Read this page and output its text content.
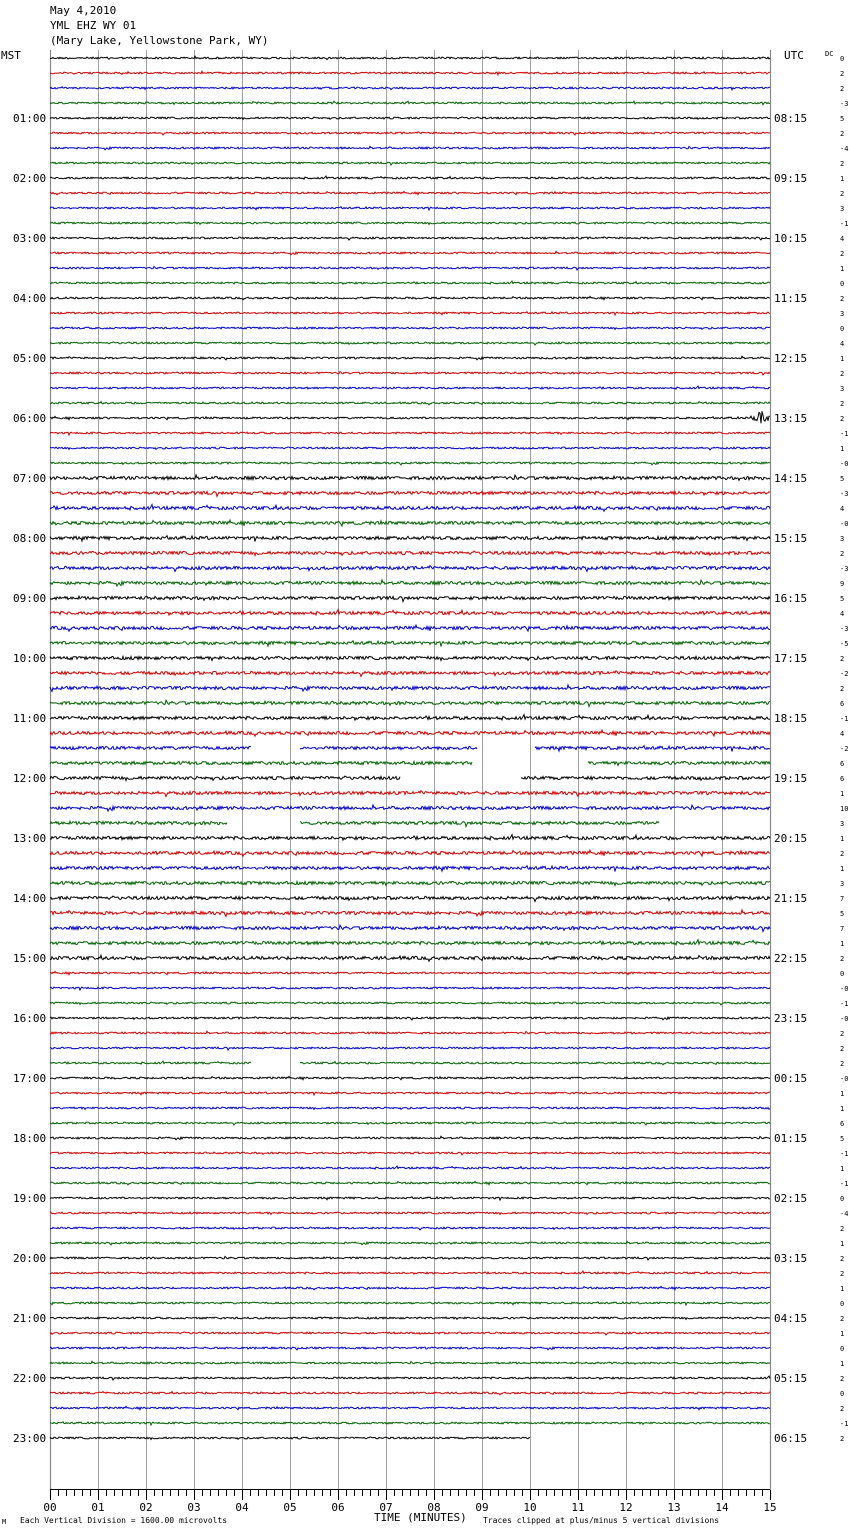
May 4,2010
YML EHZ WY 01
(Mary Lake, Yellowstone Park, WY)
MST	UTC	DC
00	01	02	03	04	05	06	07	08	09	10	11	12	13	14	15
0
2
2
-3
5
2
-4
2
1
2
3
-1
4
2
1
0
2
3
0
4
1
2
3
2
2
-1
1
-0
5
-3
4
-0
3
2
-3
9
5
4
-3
-5
2
-2
2
6
-1
4
-2
6
6
1
10
3
1
2
1
3
7
5
7
1
2
0
-0
-1
-0
2
2
2
-0
1
1
6
5
-1
1
-1
0
-4
2
1
2
2
1
0
2
1
0
1
2
0
2
-1
2
01:00
02:00
03:00
04:00
05:00
06:00
07:00
08:00
09:00
10:00
11:00
12:00
13:00
14:00
15:00
16:00
17:00
18:00
19:00
20:00
21:00
22:00
23:00
08:15
09:15
10:15
11:15
12:15
13:15
14:15
15:15
16:15
17:15
18:15
19:15
20:15
21:15
22:15
23:15
00:15
01:15
02:15
03:15
04:15
05:15
06:15
M Each Vertical Division = 1600.00 microvolts	TIME (MINUTES) Traces clipped at plus/minus 5 vertical divisions
